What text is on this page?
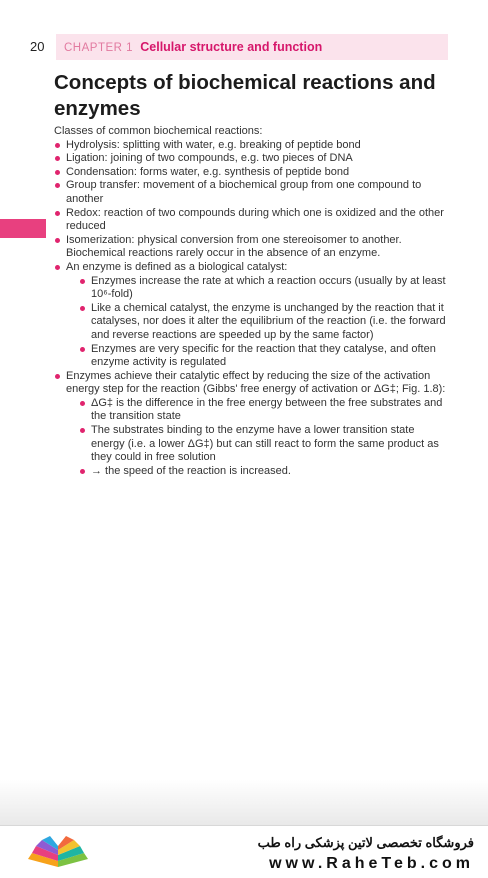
20 CHAPTER 1 Cellular structure and function
Concepts of biochemical reactions and enzymes

Classes of common biochemical reactions:

Hydrolysis: splitting with water, e.g. breaking of peptide bond
Ligation: joining of two compounds, e.g. two pieces of DNA
Condensation: forms water, e.g. synthesis of peptide bond
Group transfer: movement of a biochemical group from one compound to another
Redox: reaction of two compounds during which one is oxidized and the other reduced
Isomerization: physical conversion from one stereoisomer to another.

Biochemical reactions rarely occur in the absence of an enzyme.

An enzyme is defined as a biological catalyst:
Enzymes increase the rate at which a reaction occurs (usually by at least 10⁶-fold)
Like a chemical catalyst, the enzyme is unchanged by the reaction that it catalyses, nor does it alter the equilibrium of the reaction (i.e. the forward and reverse reactions are speeded up by the same factor)
Enzymes are very specific for the reaction that they catalyse, and often enzyme activity is regulated
Enzymes achieve their catalytic effect by reducing the size of the activation energy step for the reaction (Gibbs' free energy of activation or ΔG‡; Fig. 1.8):
ΔG‡ is the difference in the free energy between the free substrates and the transition state
The substrates binding to the enzyme have a lower transition state energy (i.e. a lower ΔG‡) but can still react to form the same product as they could in free solution
→ the speed of the reaction is increased.
فروشگاه تخصصی لاتین پزشکی راه طب
www.RaheTeb.com
